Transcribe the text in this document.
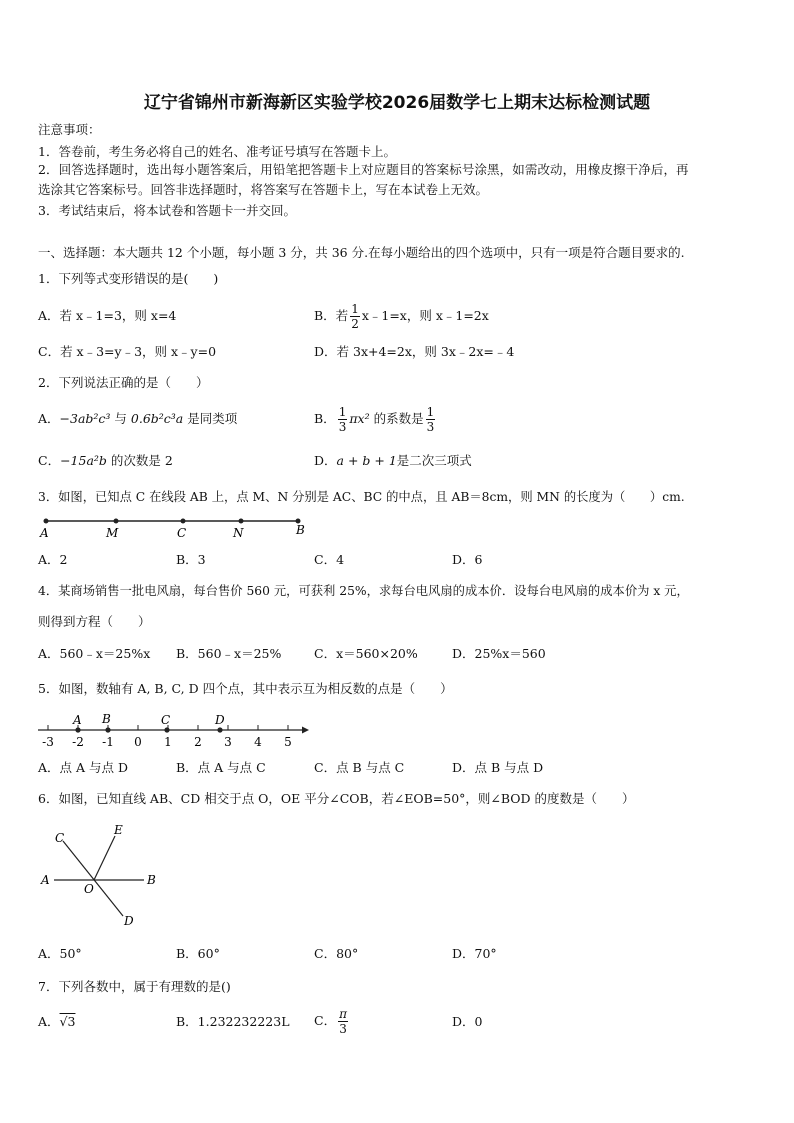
辽宁省锦州市新海新区实验学校2026届数学七上期末达标检测试题
注意事项：
1．答卷前，考生务必将自己的姓名、准考证号填写在答题卡上。
2．回答选择题时，选出每小题答案后，用铅笔把答题卡上对应题目的答案标号涂黑，如需改动，用橡皮擦干净后，再
选涂其它答案标号。回答非选择题时，将答案写在答题卡上，写在本试卷上无效。
3．考试结束后，将本试卷和答题卡一并交回。
一、选择题：本大题共 12 个小题，每小题 3 分，共 36 分.在每小题给出的四个选项中，只有一项是符合题目要求的.
1．下列等式变形错误的是(　　)
A．若 x﹣1=3，则 x=4	B．若 $\frac{1}{2}$ x﹣1=x，则 x﹣1=2x
C．若 x﹣3=y﹣3，则 x﹣y=0	D．若 3x+4=2x，则 3x﹣2x=﹣4
2．下列说法正确的是（　　）
A．−3ab²c³ 与 0.6b²c³a 是同类项	B． $\frac{1}{3} \pi x^2$ 的系数是 $\frac{1}{3}$
C．−15a²b 的次数是 2	D．a + b + 1是二次三项式
3．如图，已知点 C 在线段 AB 上，点 M、N 分别是 AC、BC 的中点，且 AB＝8cm，则 MN 的长度为（　　）cm.
A	M	C	N	B
A．2	B．3	C．4	D．6
4．某商场销售一批电风扇，每台售价 560 元，可获利 25%，求每台电风扇的成本价．设每台电风扇的成本价为 x 元，
则得到方程（　　）
A．560﹣x＝25%x B．560﹣x＝25%	C．x＝560×20%	D．25%x＝560
5．如图，数轴有 A, B, C, D 四个点，其中表示互为相反数的点是（　　）
-3 -2 -1 0 1 2 3 4 5
A B	C	D
A．点 A 与点 D	B．点 A 与点 C	C．点 B 与点 C	D．点 B 与点 D
6．如图，已知直线 AB、CD 相交于点 O，OE 平分∠COB，若∠EOB=50°，则∠BOD 的度数是（　　）
C
E
A
O
B
D
A．50°	B．60°	C．80°	D．70°
7．下列各数中，属于有理数的是()
A．√3	B．1.232232223L C． $\frac{\pi}{3}$	D．0
